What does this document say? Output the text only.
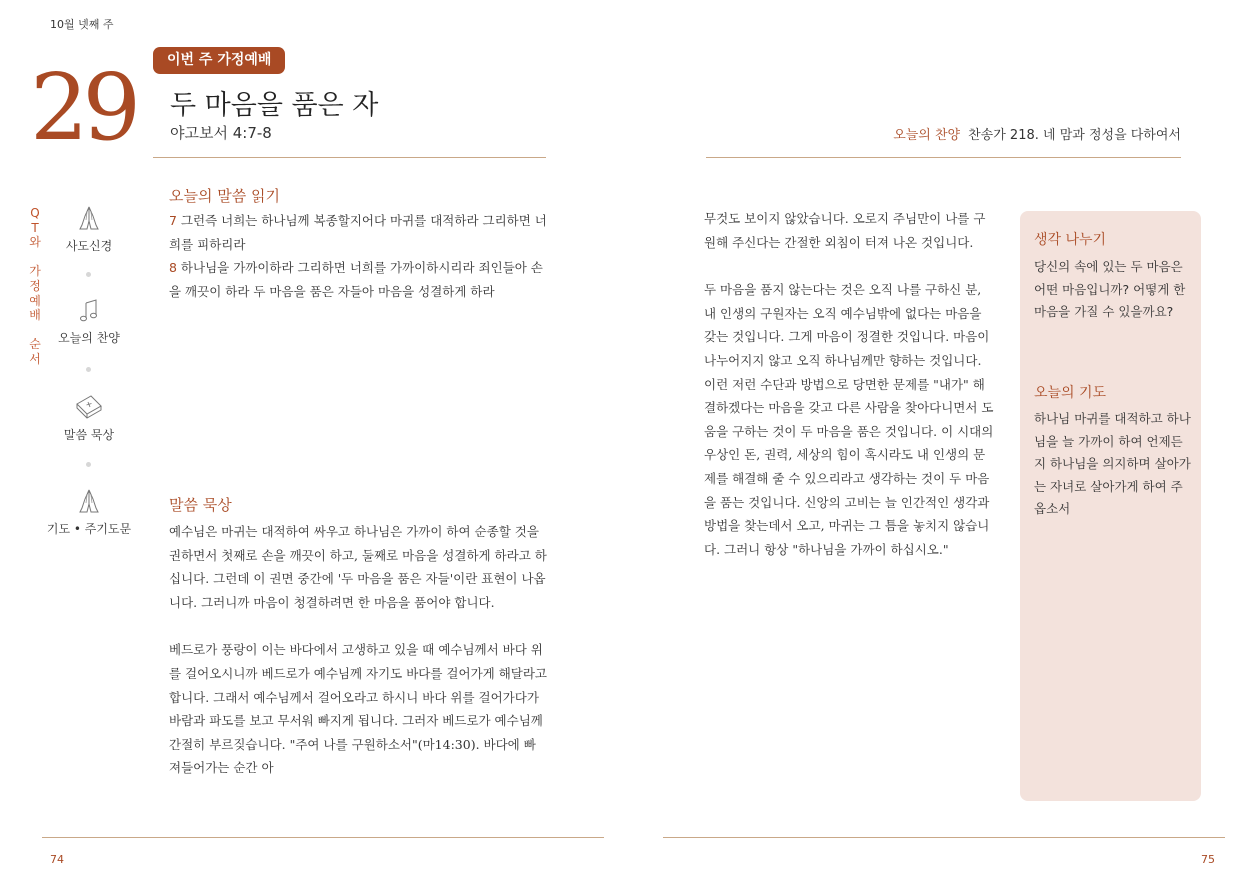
10월 넷째 주
29	이번 주 가정예배
두 마음을 품은 자
야고보서 4:7-8
Q
T
와
가
정
예
배
순
서
사도신경
오늘의 찬양
말씀 묵상
기도 • 주기도문
오늘의 말씀 읽기

7 그런즉 너희는 하나님께 복종할지어다 마귀를 대적하라 그리하면 너희를 피하리라

8 하나님을 가까이하라 그리하면 너희를 가까이하시리라 죄인들아 손을 깨끗이 하라 두 마음을 품은 자들아 마음을 성결하게 하라

말씀 묵상

예수님은 마귀는 대적하여 싸우고 하나님은 가까이 하여 순종할 것을 권하면서 첫째로 손을 깨끗이 하고, 둘째로 마음을 성결하게 하라고 하십니다. 그런데 이 권면 중간에 '두 마음을 품은 자들'이란 표현이 나옵니다. 그러니까 마음이 청결하려면 한 마음을 품어야 합니다.

베드로가 풍랑이 이는 바다에서 고생하고 있을 때 예수님께서 바다 위를 걸어오시니까 베드로가 예수님께 자기도 바다를 걸어가게 해달라고 합니다. 그래서 예수님께서 걸어오라고 하시니 바다 위를 걸어가다가 바람과 파도를 보고 무서워 빠지게 됩니다. 그러자 베드로가 예수님께 간절히 부르짖습니다. "주여 나를 구원하소서"(마14:30). 바다에 빠져들어가는 순간 아

74
오늘의 찬양 찬송가 218. 네 맘과 정성을 다하여서

무것도 보이지 않았습니다. 오로지 주님만이 나를 구원해 주신다는 간절한 외침이 터져 나온 것입니다.

두 마음을 품지 않는다는 것은 오직 나를 구하신 분, 내 인생의 구원자는 오직 예수님밖에 없다는 마음을 갖는 것입니다. 그게 마음이 정결한 것입니다. 마음이 나누어지지 않고 오직 하나님께만 향하는 것입니다. 이런 저런 수단과 방법으로 당면한 문제를 "내가" 해결하겠다는 마음을 갖고 다른 사람을 찾아다니면서 도움을 구하는 것이 두 마음을 품은 것입니다. 이 시대의 우상인 돈, 권력, 세상의 힘이 혹시라도 내 인생의 문제를 해결해 줄 수 있으리라고 생각하는 것이 두 마음을 품는 것입니다. 신앙의 고비는 늘 인간적인 생각과 방법을 찾는데서 오고, 마귀는 그 틈을 놓치지 않습니다. 그러니 항상 "하나님을 가까이 하십시오."

생각 나누기
당신의 속에 있는 두 마음은 어떤 마음입니까? 어떻게 한 마음을 가질 수 있을까요?
오늘의 기도
하나님 마귀를 대적하고 하나님을 늘 가까이 하여 언제든지 하나님을 의지하며 살아가는 자녀로 살아가게 하여 주옵소서
75
